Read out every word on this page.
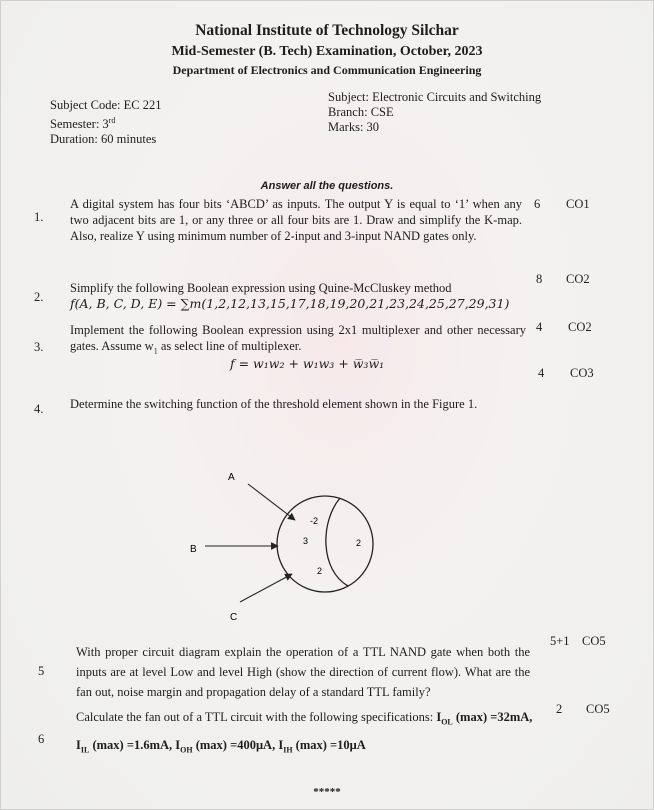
National Institute of Technology Silchar
Mid-Semester (B. Tech) Examination, October, 2023
Department of Electronics and Communication Engineering
Subject Code: EC 221
Semester: 3rd
Duration: 60 minutes
Subject: Electronic Circuits and Switching
Branch: CSE
Marks: 30
Answer all the questions.
1.
A digital system has four bits ‘ABCD’ as inputs. The output Y is equal to ‘1’ when any two adjacent bits are 1, or any three or all four bits are 1. Draw and simplify the K-map. Also, realize Y using minimum number of 2-input and 3-input NAND gates only.
6 CO1
2.
Simplify the following Boolean expression using Quine-McCluskey method
f(A, B, C, D, E) = ∑m(1,2,12,13,15,17,18,19,20,21,23,24,25,27,29,31)
8 CO2
3.
Implement the following Boolean expression using 2x1 multiplexer and other necessary gates. Assume $w_1$ as select line of multiplexer.
f = w₁w₂ + w₁w₃ + w̅₃w̅₁
4 CO2
4. Determine the switching function of the threshold element shown in the Figure 1.
4 CO3
A
B
C
-2
3
2
2
5
With proper circuit diagram explain the operation of a TTL NAND gate when both the inputs are at level Low and level High (show the direction of current flow). What are the fan out, noise margin and propagation delay of a standard TTL family?
5+1 CO5
6
Calculate the fan out of a TTL circuit with the following specifications: $I_{OL}$ (max) =32mA,
$I_{IL}$ (max) =1.6mA, $I_{OH}$ (max) =400μA, $I_{IH}$ (max) =10μA
2 CO5
*****
